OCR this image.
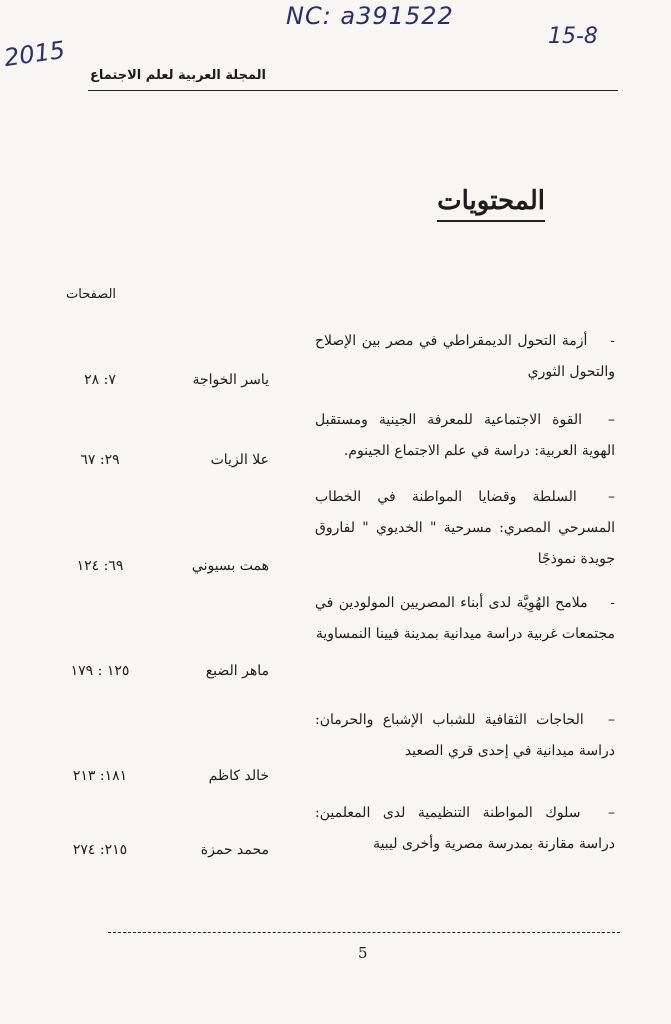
NC: a391522
2015	15-8
المجلة العربية لعلم الاجتماع
المحتويات
الصفحات
- أزمة التحول الديمقراطي في مصر بين الإصلاح والتحول الثوري
ياسر الخواجة
٧: ٢٨
– القوة الاجتماعية للمعرفة الجينية ومستقبل الهوية العربية: دراسة في علم الاجتماع الجينوم.
علا الزيات
٢٩: ٦٧
– السلطة وقضايا المواطنة في الخطاب المسرحي المصري: مسرحية " الخديوي " لفاروق جويدة نموذجًا
همت بسيوني
٦٩: ١٢٤
- ملامح الهُوِيَّة لدى أبناء المصريين المولودين في مجتمعات غربية دراسة ميدانية بمدينة فيينا النمساوية
ماهر الضبع
١٢٥ : ١٧٩
– الحاجات الثقافية للشباب الإشباع والحرمان: دراسة ميدانية في إحدى قري الصعيد
خالد كاظم
١٨١: ٢١٣
– سلوك المواطنة التنظيمية لدى المعلمين: دراسة مقارنة بمدرسة مصرية وأخرى ليبية
محمد حمزة
٢١٥: ٢٧٤
5
